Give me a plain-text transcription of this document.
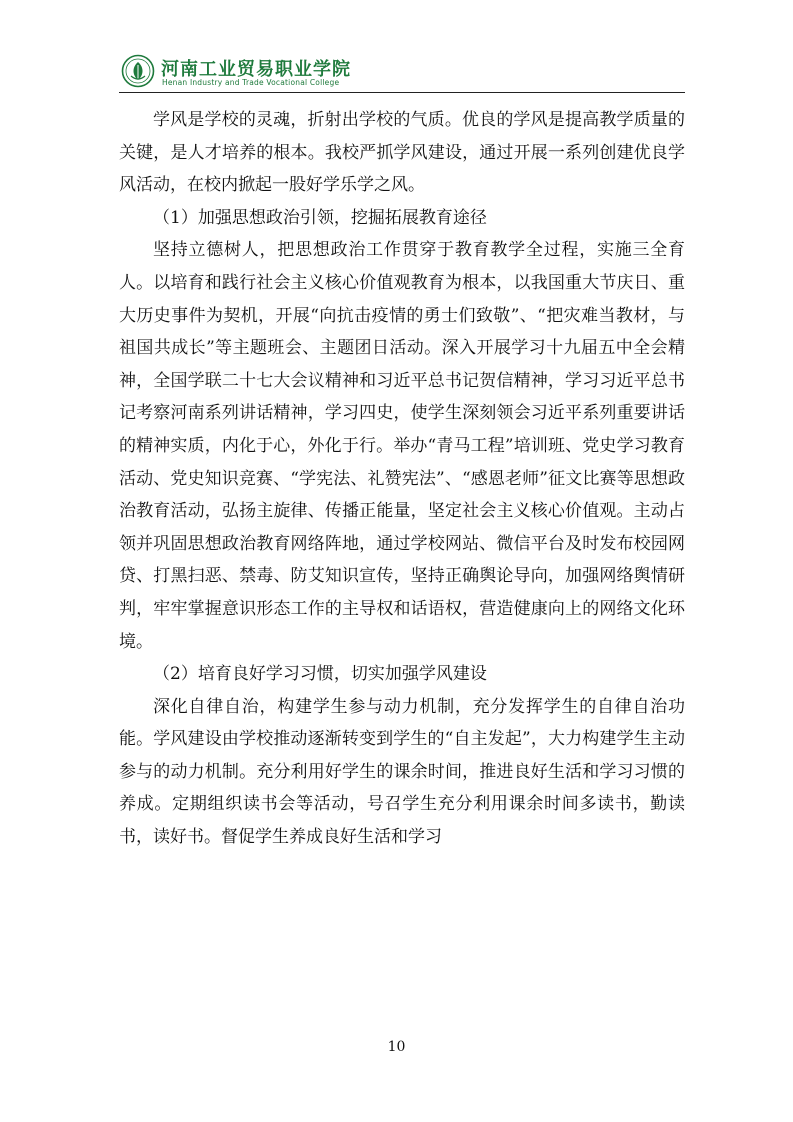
河南工业贸易职业学院
Henan Industry and Trade Vocational College

学风是学校的灵魂，折射出学校的气质。优良的学风是提高教学质量的关键，是人才培养的根本。我校严抓学风建设，通过开展一系列创建优良学风活动，在校内掀起一股好学乐学之风。

（1）加强思想政治引领，挖掘拓展教育途径

坚持立德树人，把思想政治工作贯穿于教育教学全过程，实施三全育人。以培育和践行社会主义核心价值观教育为根本，以我国重大节庆日、重大历史事件为契机，开展“向抗击疫情的勇士们致敬”、“把灾难当教材，与祖国共成长”等主题班会、主题团日活动。深入开展学习十九届五中全会精神，全国学联二十七大会议精神和习近平总书记贺信精神，学习习近平总书记考察河南系列讲话精神，学习四史，使学生深刻领会习近平系列重要讲话的精神实质，内化于心，外化于行。举办“青马工程”培训班、党史学习教育活动、党史知识竞赛、“学宪法、礼赞宪法”、“感恩老师”征文比赛等思想政治教育活动，弘扬主旋律、传播正能量，坚定社会主义核心价值观。主动占领并巩固思想政治教育网络阵地，通过学校网站、微信平台及时发布校园网贷、打黑扫恶、禁毒、防艾知识宣传，坚持正确舆论导向，加强网络舆情研判，牢牢掌握意识形态工作的主导权和话语权，营造健康向上的网络文化环境。

（2）培育良好学习习惯，切实加强学风建设

深化自律自治，构建学生参与动力机制，充分发挥学生的自律自治功能。学风建设由学校推动逐渐转变到学生的“自主发起”，大力构建学生主动参与的动力机制。充分利用好学生的课余时间，推进良好生活和学习习惯的养成。定期组织读书会等活动，号召学生充分利用课余时间多读书，勤读书，读好书。督促学生养成良好生活和学习

10
